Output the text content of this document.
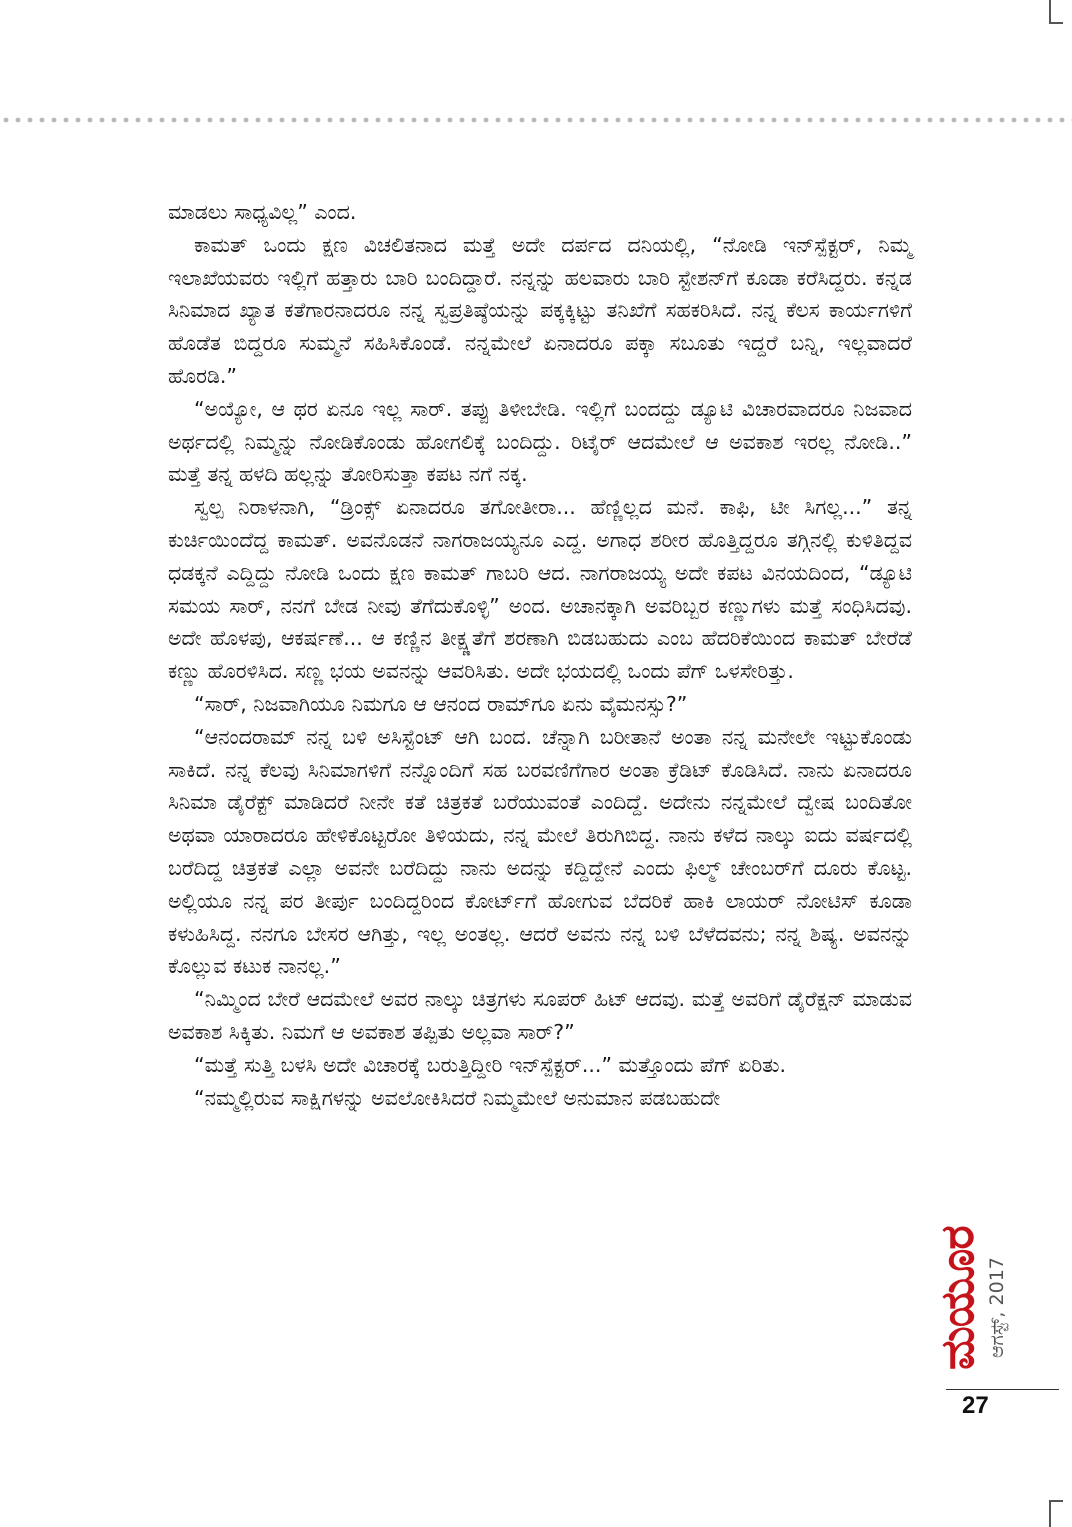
ಮಾಡಲು ಸಾಧ್ಯವಿಲ್ಲ” ಎಂದ.

ಕಾಮತ್ ಒಂದು ಕ್ಷಣ ವಿಚಲಿತನಾದ ಮತ್ತೆ ಅದೇ ದರ್ಪದ ದನಿಯಲ್ಲಿ, “ನೋಡಿ ಇನ್‌ಸ್ಪೆಕ್ಟರ್, ನಿಮ್ಮ ಇಲಾಖೆಯವರು ಇಲ್ಲಿಗೆ ಹತ್ತಾರು ಬಾರಿ ಬಂದಿದ್ದಾರೆ. ನನ್ನನ್ನು ಹಲವಾರು ಬಾರಿ ಸ್ಟೇಶನ್‌ಗೆ ಕೂಡಾ ಕರೆಸಿದ್ದರು. ಕನ್ನಡ ಸಿನಿಮಾದ ಖ್ಯಾತ ಕತೆಗಾರನಾದರೂ ನನ್ನ ಸ್ವಪ್ರತಿಷ್ಠೆಯನ್ನು ಪಕ್ಕಕ್ಕಿಟ್ಟು ತನಿಖೆಗೆ ಸಹಕರಿಸಿದೆ. ನನ್ನ ಕೆಲಸ ಕಾರ್ಯಗಳಿಗೆ ಹೊಡೆತ ಬಿದ್ದರೂ ಸುಮ್ಮನೆ ಸಹಿಸಿಕೊಂಡೆ. ನನ್ನಮೇಲೆ ಏನಾದರೂ ಪಕ್ಕಾ ಸಬೂತು ಇದ್ದರೆ ಬನ್ನಿ, ಇಲ್ಲವಾದರೆ ಹೊರಡಿ.”

“ಅಯ್ಯೋ, ಆ ಥರ ಏನೂ ಇಲ್ಲ ಸಾರ್. ತಪ್ಪು ತಿಳೀಬೇಡಿ. ಇಲ್ಲಿಗೆ ಬಂದದ್ದು ಡ್ಯೂಟಿ ವಿಚಾರವಾದರೂ ನಿಜವಾದ ಅರ್ಥದಲ್ಲಿ ನಿಮ್ಮನ್ನು ನೋಡಿಕೊಂಡು ಹೋಗಲಿಕ್ಕೆ ಬಂದಿದ್ದು. ರಿಟೈರ್ ಆದಮೇಲೆ ಆ ಅವಕಾಶ ಇರಲ್ಲ ನೋಡಿ..” ಮತ್ತೆ ತನ್ನ ಹಳದಿ ಹಲ್ಲನ್ನು ತೋರಿಸುತ್ತಾ ಕಪಟ ನಗೆ ನಕ್ಕ.

ಸ್ವಲ್ಪ ನಿರಾಳನಾಗಿ, “ಡ್ರಿಂಕ್ಸ್ ಏನಾದರೂ ತಗೋತೀರಾ... ಹೆಣ್ಣಿಲ್ಲದ ಮನೆ. ಕಾಫಿ, ಟೀ ಸಿಗಲ್ಲ...” ತನ್ನ ಕುರ್ಚಿಯಿಂದೆದ್ದ ಕಾಮತ್. ಅವನೊಡನೆ ನಾಗರಾಜಯ್ಯನೂ ಎದ್ದ. ಅಗಾಧ ಶರೀರ ಹೊತ್ತಿದ್ದರೂ ತಗ್ಗಿನಲ್ಲಿ ಕುಳಿತಿದ್ದವ ಧಡಕ್ಕನೆ ಎದ್ದಿದ್ದು ನೋಡಿ ಒಂದು ಕ್ಷಣ ಕಾಮತ್ ಗಾಬರಿ ಆದ. ನಾಗರಾಜಯ್ಯ ಅದೇ ಕಪಟ ವಿನಯದಿಂದ, “ಡ್ಯೂಟಿ ಸಮಯ ಸಾರ್, ನನಗೆ ಬೇಡ ನೀವು ತೆಗೆದುಕೊಳ್ಳಿ” ಅಂದ. ಅಚಾನಕ್ಕಾಗಿ ಅವರಿಬ್ಬರ ಕಣ್ಣುಗಳು ಮತ್ತೆ ಸಂಧಿಸಿದವು. ಅದೇ ಹೊಳಪು, ಆಕರ್ಷಣೆ... ಆ ಕಣ್ಣಿನ ತೀಕ್ಷ್ಣತೆಗೆ ಶರಣಾಗಿ ಬಿಡಬಹುದು ಎಂಬ ಹೆದರಿಕೆಯಿಂದ ಕಾಮತ್ ಬೇರೆಡೆ ಕಣ್ಣು ಹೊರಳಿಸಿದ. ಸಣ್ಣ ಭಯ ಅವನನ್ನು ಆವರಿಸಿತು. ಅದೇ ಭಯದಲ್ಲಿ ಒಂದು ಪೆಗ್ ಒಳಸೇರಿತ್ತು.

“ಸಾರ್, ನಿಜವಾಗಿಯೂ ನಿಮಗೂ ಆ ಆನಂದ ರಾಮ್‌ಗೂ ಏನು ವೈಮನಸ್ಸು?”

“ಆನಂದರಾಮ್ ನನ್ನ ಬಳಿ ಅಸಿಸ್ಟೆಂಟ್ ಆಗಿ ಬಂದ. ಚೆನ್ನಾಗಿ ಬರೀತಾನೆ ಅಂತಾ ನನ್ನ ಮನೇಲೇ ಇಟ್ಟುಕೊಂಡು ಸಾಕಿದೆ. ನನ್ನ ಕೆಲವು ಸಿನಿಮಾಗಳಿಗೆ ನನ್ನೊಂದಿಗೆ ಸಹ ಬರವಣಿಗೆಗಾರ ಅಂತಾ ಕ್ರೆಡಿಟ್ ಕೊಡಿಸಿದೆ. ನಾನು ಏನಾದರೂ ಸಿನಿಮಾ ಡೈರೆಕ್ಟ್ ಮಾಡಿದರೆ ನೀನೇ ಕತೆ ಚಿತ್ರಕತೆ ಬರೆಯುವಂತೆ ಎಂದಿದ್ದೆ. ಅದೇನು ನನ್ನಮೇಲೆ ದ್ವೇಷ ಬಂದಿತೋ ಅಥವಾ ಯಾರಾದರೂ ಹೇಳಿಕೊಟ್ಟರೋ ತಿಳಿಯದು, ನನ್ನ ಮೇಲೆ ತಿರುಗಿಬಿದ್ದ. ನಾನು ಕಳೆದ ನಾಲ್ಕು ಐದು ವರ್ಷದಲ್ಲಿ ಬರೆದಿದ್ದ ಚಿತ್ರಕತೆ ಎಲ್ಲಾ ಅವನೇ ಬರೆದಿದ್ದು ನಾನು ಅದನ್ನು ಕದ್ದಿದ್ದೇನೆ ಎಂದು ಫಿಲ್ಮ್ ಚೇಂಬರ್‌ಗೆ ದೂರು ಕೊಟ್ಟ. ಅಲ್ಲಿಯೂ ನನ್ನ ಪರ ತೀರ್ಪು ಬಂದಿದ್ದರಿಂದ ಕೋರ್ಟ್‌ಗೆ ಹೋಗುವ ಬೆದರಿಕೆ ಹಾಕಿ ಲಾಯರ್ ನೋಟಿಸ್ ಕೂಡಾ ಕಳುಹಿಸಿದ್ದ. ನನಗೂ ಬೇಸರ ಆಗಿತ್ತು, ಇಲ್ಲ ಅಂತಲ್ಲ. ಆದರೆ ಅವನು ನನ್ನ ಬಳಿ ಬೆಳೆದವನು; ನನ್ನ ಶಿಷ್ಯ. ಅವನನ್ನು ಕೊಲ್ಲುವ ಕಟುಕ ನಾನಲ್ಲ.”

“ನಿಮ್ಮಿಂದ ಬೇರೆ ಆದಮೇಲೆ ಅವರ ನಾಲ್ಕು ಚಿತ್ರಗಳು ಸೂಪರ್ ಹಿಟ್ ಆದವು. ಮತ್ತೆ ಅವರಿಗೆ ಡೈರೆಕ್ಷನ್ ಮಾಡುವ ಅವಕಾಶ ಸಿಕ್ಕಿತು. ನಿಮಗೆ ಆ ಅವಕಾಶ ತಪ್ಪಿತು ಅಲ್ಲವಾ ಸಾರ್?”

“ಮತ್ತೆ ಸುತ್ತಿ ಬಳಸಿ ಅದೇ ವಿಚಾರಕ್ಕೆ ಬರುತ್ತಿದ್ದೀರಿ ಇನ್‌ಸ್ಪೆಕ್ಟರ್...” ಮತ್ತೊಂದು ಪೆಗ್ ಏರಿತು.

“ನಮ್ಮಲ್ಲಿರುವ ಸಾಕ್ಷಿಗಳನ್ನು ಅವಲೋಕಿಸಿದರೆ ನಿಮ್ಮಮೇಲೆ ಅನುಮಾನ ಪಡಬಹುದೇ

ಮಯೂರ ಆಗಸ್ಟ್, 2017
27
